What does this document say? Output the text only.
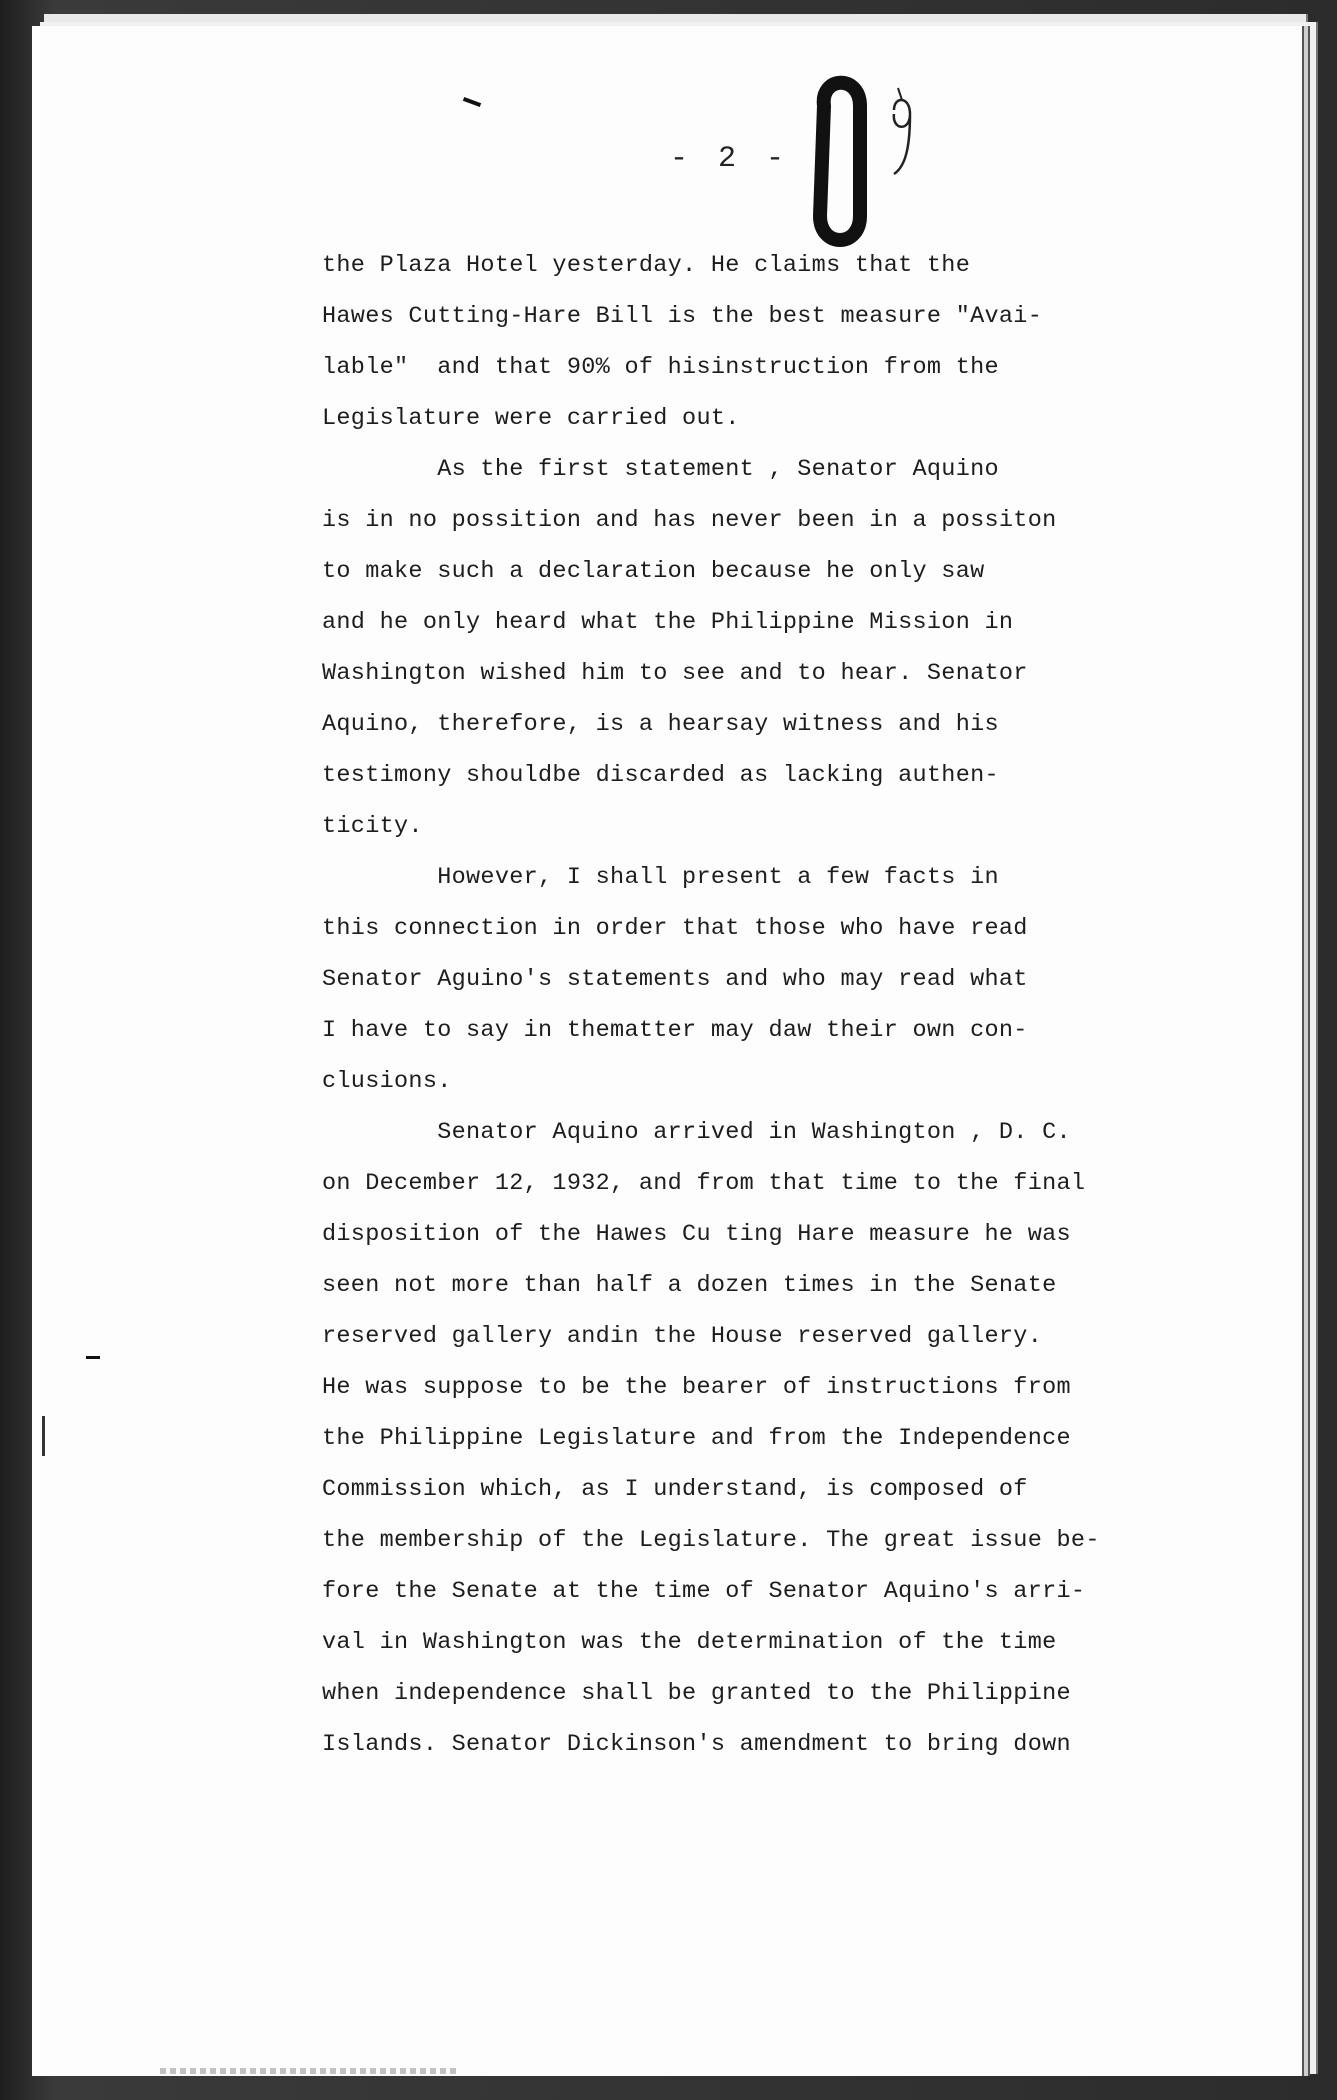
- 2 -

the Plaza Hotel yesterday. He claims that the
Hawes Cutting-Hare Bill is the best measure "Avai-
lable"  and that 90% of hisinstruction from the
Legislature were carried out.

As the first statement , Senator Aquino
is in no possition and has never been in a possiton
to make such a declaration because he only saw
and he only heard what the Philippine Mission in
Washington wished him to see and to hear. Senator
Aquino, therefore, is a hearsay witness and his
testimony shouldbe discarded as lacking authen-
ticity.

However, I shall present a few facts in
this connection in order that those who have read
Senator Aguino's statements and who may read what
I have to say in thematter may daw their own con-
clusions.

Senator Aquino arrived in Washington , D. C.
on December 12, 1932, and from that time to the final
disposition of the Hawes Cu ting Hare measure he was
seen not more than half a dozen times in the Senate
reserved gallery andin the House reserved gallery.
He was suppose to be the bearer of instructions from
the Philippine Legislature and from the Independence
Commission which, as I understand, is composed of
the membership of the Legislature. The great issue be-
fore the Senate at the time of Senator Aquino's arri-
val in Washington was the determination of the time
when independence shall be granted to the Philippine
Islands. Senator Dickinson's amendment to bring down
